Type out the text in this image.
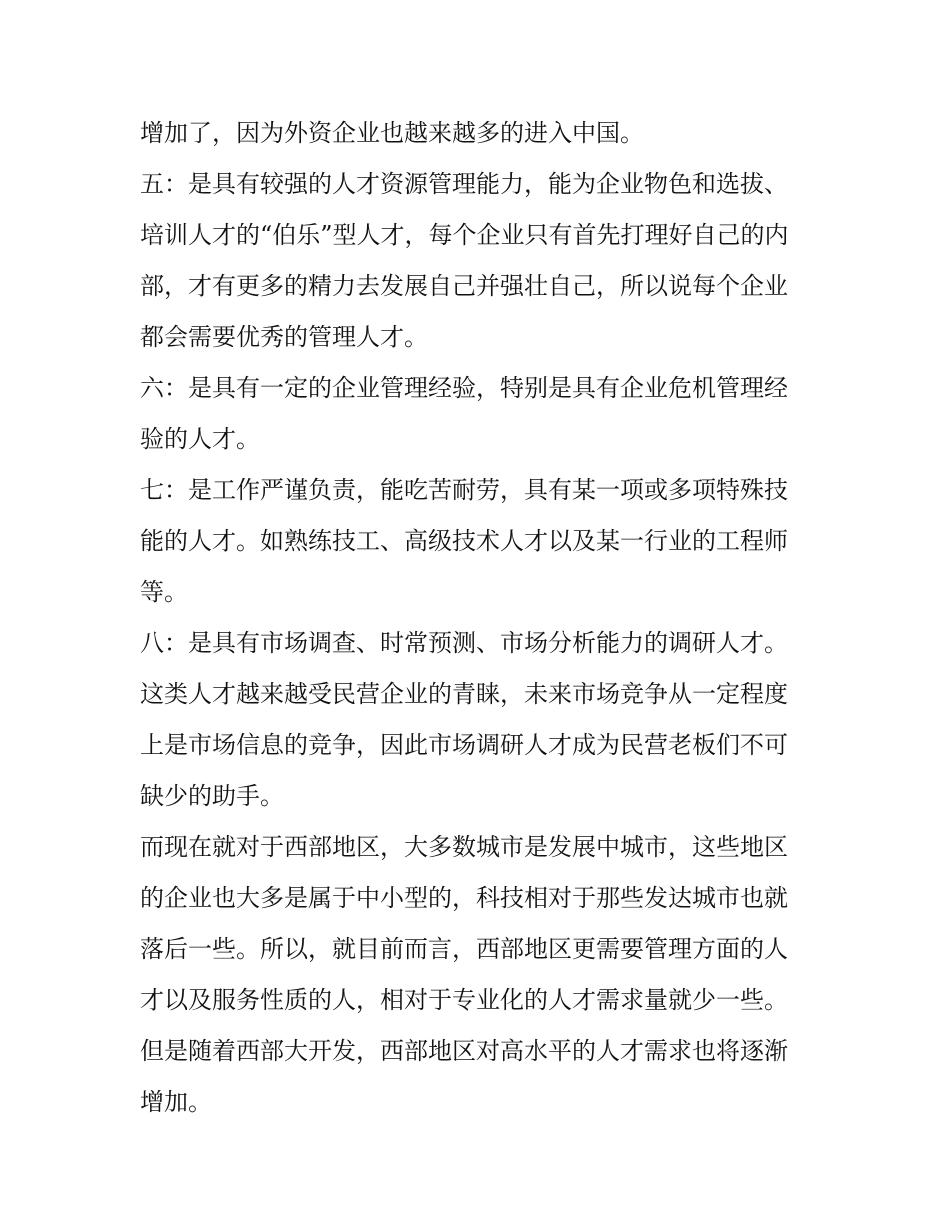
增加了，因为外资企业也越来越多的进入中国。
五：是具有较强的人才资源管理能力，能为企业物色和选拔、
培训人才的“伯乐”型人才，每个企业只有首先打理好自己的内
部，才有更多的精力去发展自己并强壮自己，所以说每个企业
都会需要优秀的管理人才。
六：是具有一定的企业管理经验，特别是具有企业危机管理经
验的人才。
七：是工作严谨负责，能吃苦耐劳，具有某一项或多项特殊技
能的人才。如熟练技工、高级技术人才以及某一行业的工程师
等。
八：是具有市场调查、时常预测、市场分析能力的调研人才。
这类人才越来越受民营企业的青睐，未来市场竞争从一定程度
上是市场信息的竞争，因此市场调研人才成为民营老板们不可
缺少的助手。
而现在就对于西部地区，大多数城市是发展中城市，这些地区
的企业也大多是属于中小型的，科技相对于那些发达城市也就
落后一些。所以，就目前而言，西部地区更需要管理方面的人
才以及服务性质的人，相对于专业化的人才需求量就少一些。
但是随着西部大开发，西部地区对高水平的人才需求也将逐渐
增加。
